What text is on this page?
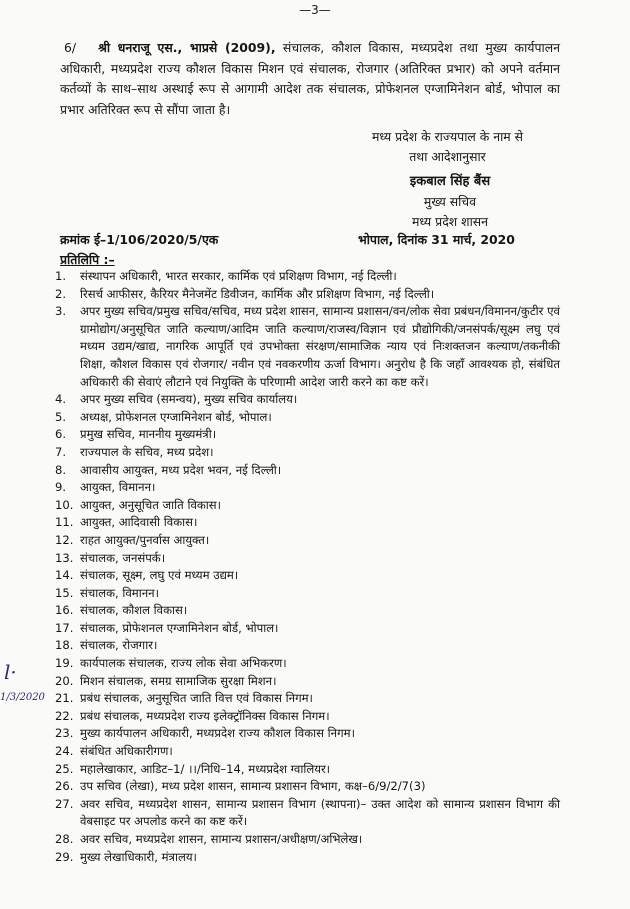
—3—
6/ श्री धनराजू एस., भाप्रसे (2009), संचालक, कौशल विकास, मध्यप्रदेश तथा मुख्य कार्यपालन अधिकारी, मध्यप्रदेश राज्य कौशल विकास मिशन एवं संचालक, रोजगार (अतिरिक्त प्रभार) को अपने वर्तमान कर्तव्यों के साथ–साथ अस्थाई रूप से आगामी आदेश तक संचालक, प्रोफेशनल एग्जामिनेशन बोर्ड, भोपाल का प्रभार अतिरिक्त रूप से सौंपा जाता है।
मध्य प्रदेश के राज्यपाल के नाम से
तथा आदेशानुसार
इकबाल सिंह बैंस
मुख्य सचिव
मध्य प्रदेश शासन
क्रमांक ई–1/106/2020/5/एक	भोपाल, दिनांक 31 मार्च, 2020
प्रतिलिपि :–
1. संस्थापन अधिकारी, भारत सरकार, कार्मिक एवं प्रशिक्षण विभाग, नई दिल्ली।
2. रिसर्च आफीसर, कैरियर मैनेजमेंट डिवीजन, कार्मिक और प्रशिक्षण विभाग, नई दिल्ली।
3. अपर मुख्य सचिव/प्रमुख सचिव/सचिव, मध्य प्रदेश शासन, सामान्य प्रशासन/वन/लोक सेवा प्रबंधन/विमानन/कुटीर एवं ग्रामोद्योग/अनुसूचित जाति कल्याण/आदिम जाति कल्याण/राजस्व/विज्ञान एवं प्रौद्योगिकी/जनसंपर्क/सूक्ष्म लघु एवं मध्यम उद्यम/खाद्य, नागरिक आपूर्ति एवं उपभोक्ता संरक्षण/सामाजिक न्याय एवं निःशक्तजन कल्याण/तकनीकी शिक्षा, कौशल विकास एवं रोजगार/ नवीन एवं नवकरणीय ऊर्जा विभाग। अनुरोध है कि जहाँ आवश्यक हो, संबंधित अधिकारी की सेवाएं लौटाने एवं नियुक्ति के परिणामी आदेश जारी करने का कष्ट करें।
4. अपर मुख्य सचिव (समन्वय), मुख्य सचिव कार्यालय।
5. अध्यक्ष, प्रोफेशनल एग्जामिनेशन बोर्ड, भोपाल।
6. प्रमुख सचिव, माननीय मुख्यमंत्री।
7. राज्यपाल के सचिव, मध्य प्रदेश।
8. आवासीय आयुक्त, मध्य प्रदेश भवन, नई दिल्ली।
9. आयुक्त, विमानन।
10. आयुक्त, अनुसूचित जाति विकास।
11. आयुक्त, आदिवासी विकास।
12. राहत आयुक्त/पुनर्वास आयुक्त।
13. संचालक, जनसंपर्क।
14. संचालक, सूक्ष्म, लघु एवं मध्यम उद्यम।
15. संचालक, विमानन।
16. संचालक, कौशल विकास।
17. संचालक, प्रोफेशनल एग्जामिनेशन बोर्ड, भोपाल।
18. संचालक, रोजगार।
19. कार्यपालक संचालक, राज्य लोक सेवा अभिकरण।
20. मिशन संचालक, समग्र सामाजिक सुरक्षा मिशन।
21. प्रबंध संचालक, अनुसूचित जाति वित्त एवं विकास निगम।
22. प्रबंध संचालक, मध्यप्रदेश राज्य इलेक्ट्रॉनिक्स विकास निगम।
23. मुख्य कार्यपालन अधिकारी, मध्यप्रदेश राज्य कौशल विकास निगम।
24. संबंधित अधिकारीगण।
25. महालेखाकार, आडिट–1/ ।।/निधि–14, मध्यप्रदेश ग्वालियर।
26. उप सचिव (लेखा), मध्य प्रदेश शासन, सामान्य प्रशासन विभाग, कक्ष–6/9/2/7(3)
27. अवर सचिव, मध्यप्रदेश शासन, सामान्य प्रशासन विभाग (स्थापना)– उक्त आदेश को सामान्य प्रशासन विभाग की वेबसाइट पर अपलोड करने का कष्ट करें।
28. अवर सचिव, मध्यप्रदेश शासन, सामान्य प्रशासन/अधीक्षण/अभिलेख।
29. मुख्य लेखाधिकारी, मंत्रालय।
l·
1/3/2020
